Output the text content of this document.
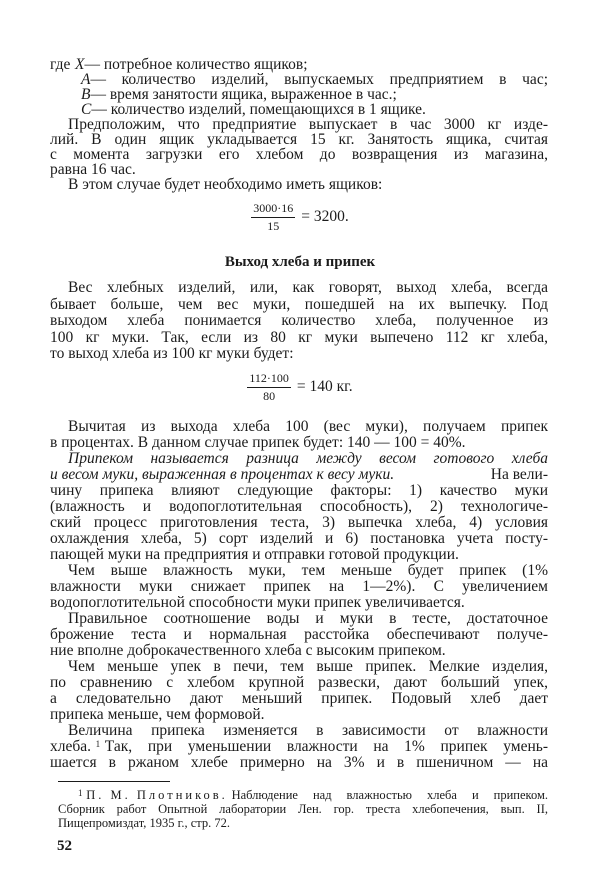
где X — потребное количество ящиков;
A — количество изделий, выпускаемых предприятием в час;
B — время занятости ящика, выраженное в час.;
C — количество изделий, помещающихся в 1 ящике.
Предположим, что предприятие выпускает в час 3000 кг изде-
лий. В один ящик укладывается 15 кг. Занятость ящика, считая
с момента загрузки его хлебом до возвращения из магазина,
равна 16 час.
В этом случае будет необходимо иметь ящиков:
$\frac{3000\cdot 16}{15} = 3200$.
Выход хлеба и припек
Вес хлебных изделий, или, как говорят, выход хлеба, всегда
бывает больше, чем вес муки, пошедшей на их выпечку. Под
выходом хлеба понимается количество хлеба, полученное из
100 кг муки. Так, если из 80 кг муки выпечено 112 кг хлеба,
то выход хлеба из 100 кг муки будет:
$\frac{112\cdot 100}{80} = 140$ кг.
Вычитая из выхода хлеба 100 (вес муки), получаем припек
в процентах. В данном случае припек будет: 140 — 100 = 40%.
Припеком называется разница между весом готового хлеба
и весом муки, выраженная в процентах к весу муки.	На вели-
чину припека влияют следующие факторы: 1) качество муки
(влажность и водопоглотительная способность), 2) технологиче-
ский процесс приготовления теста, 3) выпечка хлеба, 4) условия
охлаждения хлеба, 5) сорт изделий и 6) постановка учета посту-
пающей муки на предприятия и отправки готовой продукции.
Чем выше влажность муки, тем меньше будет припек (1%
влажности муки снижает припек на 1—2%). С увеличением
водопоглотительной способности муки припек увеличивается.
Правильное соотношение воды и муки в тесте, достаточное
брожение теста и нормальная расстойка обеспечивают получе-
ние вполне доброкачественного хлеба с высоким припеком.
Чем меньше упек в печи, тем выше припек. Мелкие изделия,
по сравнению с хлебом крупной развески, дают больший упек,
а следовательно дают меньший припек. Подовый хлеб дает
припека меньше, чем формовой.
Величина припека изменяется в зависимости от влажности
хлеба. 1 Так, при уменьшении влажности на 1% припек умень-
шается в ржаном хлебе примерно на 3% и в пшеничном — на
1 П. М. Плотников. Наблюдение над влажностью хлеба и припеком.
Сборник работ Опытной лаборатории Лен. гор. треста хлебопечения, вып. II,
Пищепромиздат, 1935 г., стр. 72.
52
